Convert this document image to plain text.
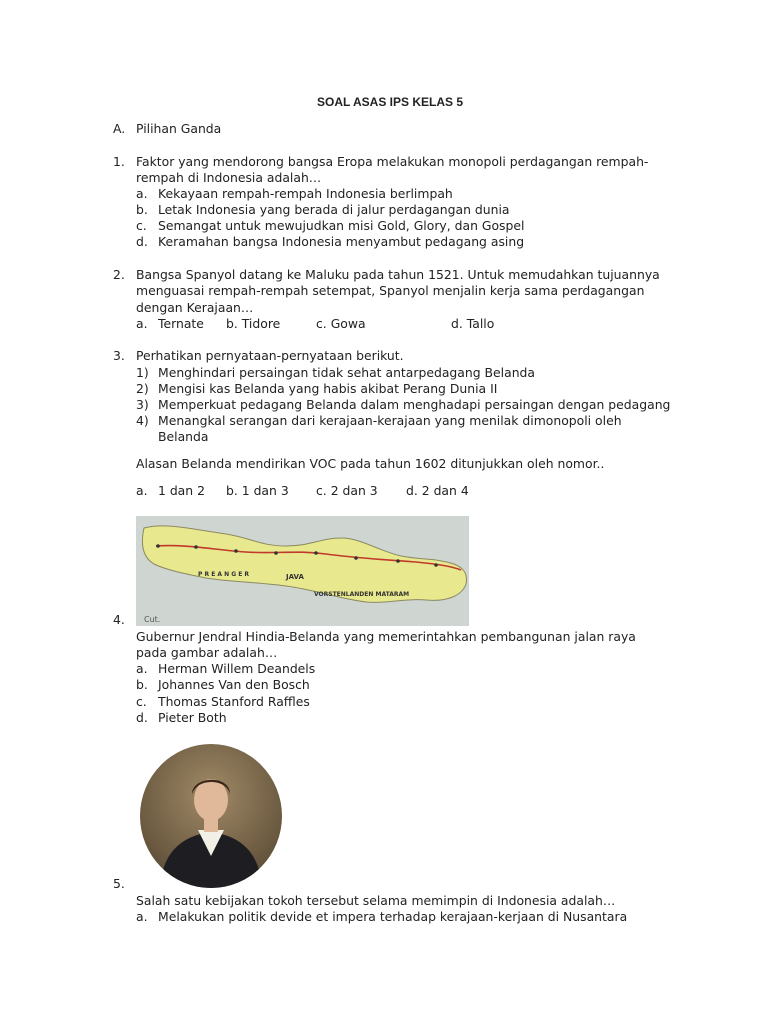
SOAL ASAS IPS KELAS 5
A. Pilihan Ganda
1. Faktor yang mendorong bangsa Eropa melakukan monopoli perdagangan rempah-
rempah di Indonesia adalah…
a. Kekayaan rempah-rempah Indonesia berlimpah
b. Letak Indonesia yang berada di jalur perdagangan dunia
c. Semangat untuk mewujudkan misi Gold, Glory, dan Gospel
d. Keramahan bangsa Indonesia menyambut pedagang asing
2. Bangsa Spanyol datang ke Maluku pada tahun 1521. Untuk memudahkan tujuannya
menguasai rempah-rempah setempat, Spanyol menjalin kerja sama perdagangan
dengan Kerajaan…
a. Ternate b. Tidore	c. Gowa	d. Tallo
3. Perhatikan pernyataan-pernyataan berikut.
1) Menghindari persaingan tidak sehat antarpedagang Belanda
2) Mengisi kas Belanda yang habis akibat Perang Dunia II
3) Memperkuat pedagang Belanda dalam menghadapi persaingan dengan pedagang
4) Menangkal serangan dari kerajaan-kerajaan yang menilak dimonopoli oleh
Belanda
Alasan Belanda mendirikan VOC pada tahun 1602 ditunjukkan oleh nomor..
a. 1 dan 2 b. 1 dan 3 c. 2 dan 3 d. 2 dan 4
Cut.
JAVA
P R E A N G E R
VORSTENLANDEN MATARAM
4.
Gubernur Jendral Hindia-Belanda yang memerintahkan pembangunan jalan raya
pada gambar adalah…
a. Herman Willem Deandels
b. Johannes Van den Bosch
c. Thomas Stanford Raffles
d. Pieter Both
5.
Salah satu kebijakan tokoh tersebut selama memimpin di Indonesia adalah…
a. Melakukan politik devide et impera terhadap kerajaan-kerjaan di Nusantara
